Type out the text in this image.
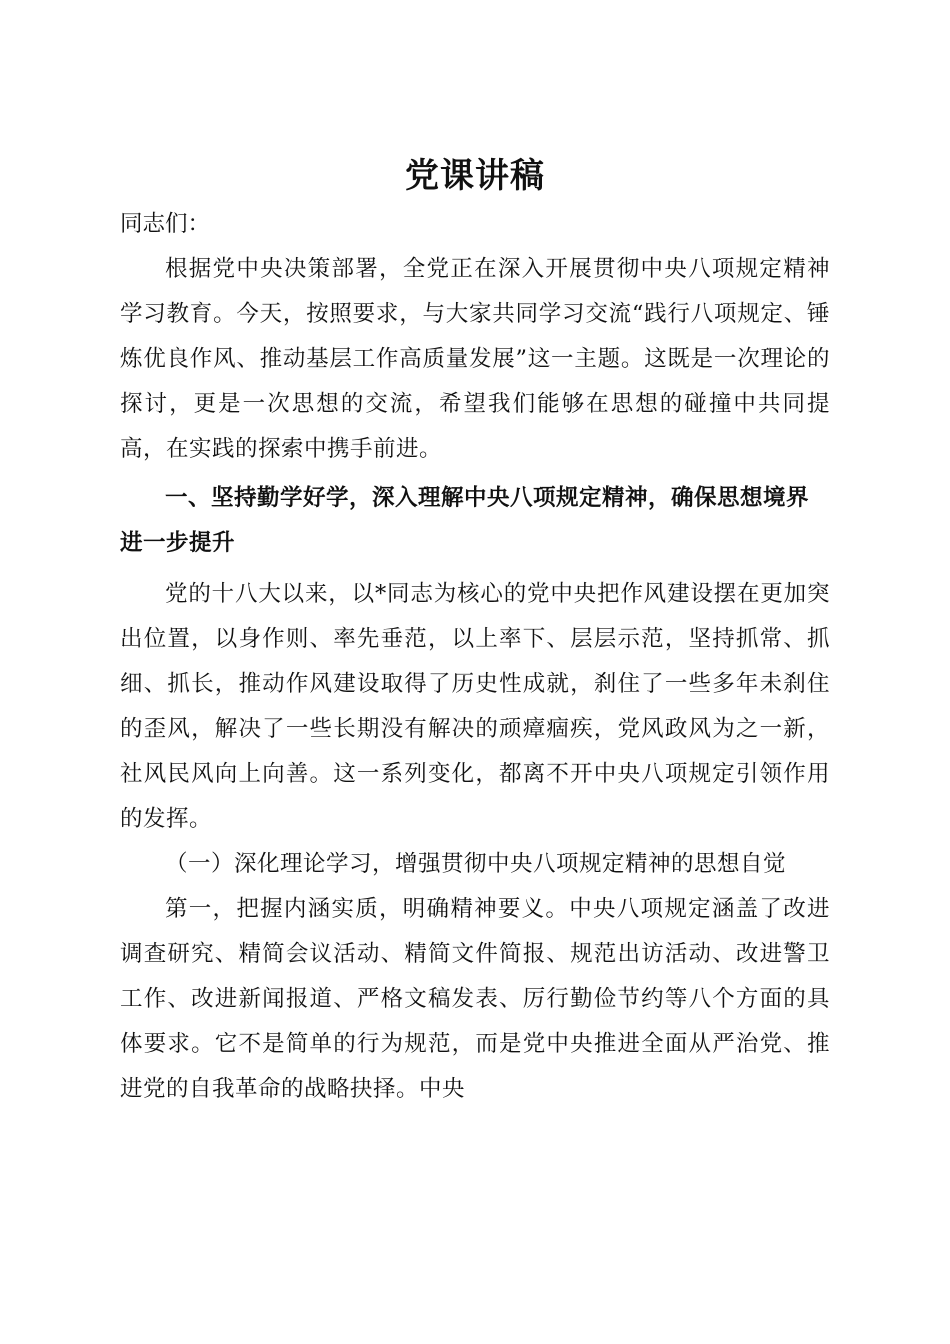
党课讲稿

同志们：

根据党中央决策部署，全党正在深入开展贯彻中央八项规定精神学习教育。今天，按照要求，与大家共同学习交流“践行八项规定、锤炼优良作风、推动基层工作高质量发展”这一主题。这既是一次理论的探讨，更是一次思想的交流，希望我们能够在思想的碰撞中共同提高，在实践的探索中携手前进。

一、坚持勤学好学，深入理解中央八项规定精神，确保思想境界进一步提升

党的十八大以来，以*同志为核心的党中央把作风建设摆在更加突出位置，以身作则、率先垂范，以上率下、层层示范，坚持抓常、抓细、抓长，推动作风建设取得了历史性成就，刹住了一些多年未刹住的歪风，解决了一些长期没有解决的顽瘴痼疾，党风政风为之一新，社风民风向上向善。这一系列变化，都离不开中央八项规定引领作用的发挥。

（一）深化理论学习，增强贯彻中央八项规定精神的思想自觉

第一，把握内涵实质，明确精神要义。中央八项规定涵盖了改进调查研究、精简会议活动、精简文件简报、规范出访活动、改进警卫工作、改进新闻报道、严格文稿发表、厉行勤俭节约等八个方面的具体要求。它不是简单的行为规范，而是党中央推进全面从严治党、推进党的自我革命的战略抉择。中央
